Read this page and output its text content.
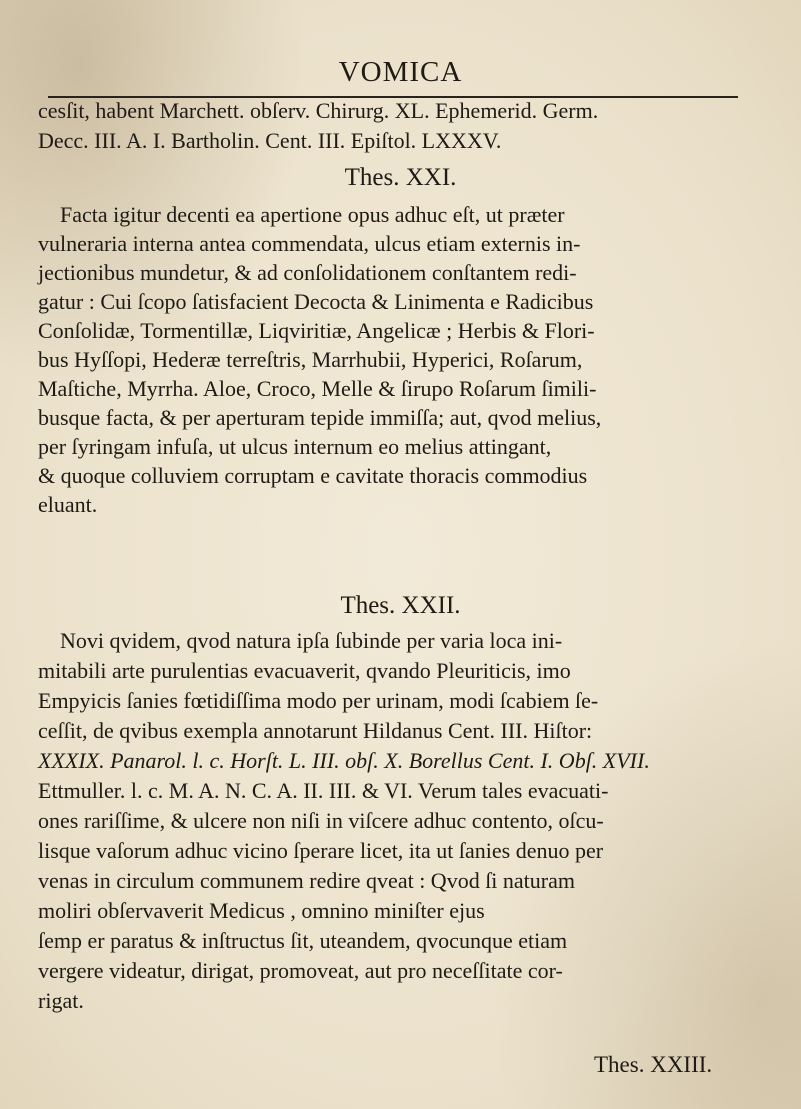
VOMICA
cesſit, habent Marchett. obſerv. Chirurg. XL. Ephemerid. Germ.
Decc. III. A. I. Bartholin. Cent. III. Epiſtol. LXXXV.
Thes. XXI.
Facta igitur decenti ea apertione opus adhuc eſt, ut præter
vulneraria interna antea commendata, ulcus etiam externis in-
jectionibus mundetur, & ad conſolidationem conſtantem redi-
gatur : Cui ſcopo ſatisfacient Decocta & Linimenta e Radicibus
Conſolidæ, Tormentillæ, Liqviritiæ, Angelicæ ; Herbis & Flori-
bus Hyſſopi, Hederæ terreſtris, Marrhubii, Hyperici, Roſarum,
Maſtiche, Myrrha. Aloe, Croco, Melle & ſirupo Roſarum ſimili-
busque facta, & per aperturam tepide immiſſa; aut, qvod melius,
per ſyringam infuſa, ut ulcus internum eo melius attingant,
& quoque colluviem corruptam e cavitate thoracis commodius
eluant.
Thes. XXII.
Novi qvidem, qvod natura ipſa ſubinde per varia loca ini-
mitabili arte purulentias evacuaverit, qvando Pleuriticis, imo
Empyicis ſanies fœtidiſſima modo per urinam, modi ſcabiem ſe-
ceſſit, de qvibus exempla annotarunt Hildanus Cent. III. Hiſtor:
XXXIX. Panarol. l. c. Horſt. L. III. obſ. X. Borellus Cent. I. Obſ. XVII.
Ettmuller. l. c. M. A. N. C. A. II. III. & VI. Verum tales evacuati-
ones rariſſime, & ulcere non niſi in viſcere adhuc contento, oſcu-
lisque vaſorum adhuc vicino ſperare licet, ita ut ſanies denuo per
venas in circulum communem redire qveat : Qvod ſi naturam
moliri obſervaverit Medicus , omnino miniſter ejus
ſemp er paratus & inſtructus ſit, uteandem, qvocunque etiam
vergere videatur, dirigat, promoveat, aut pro neceſſitate cor-
rigat.
Thes. XXIII.
